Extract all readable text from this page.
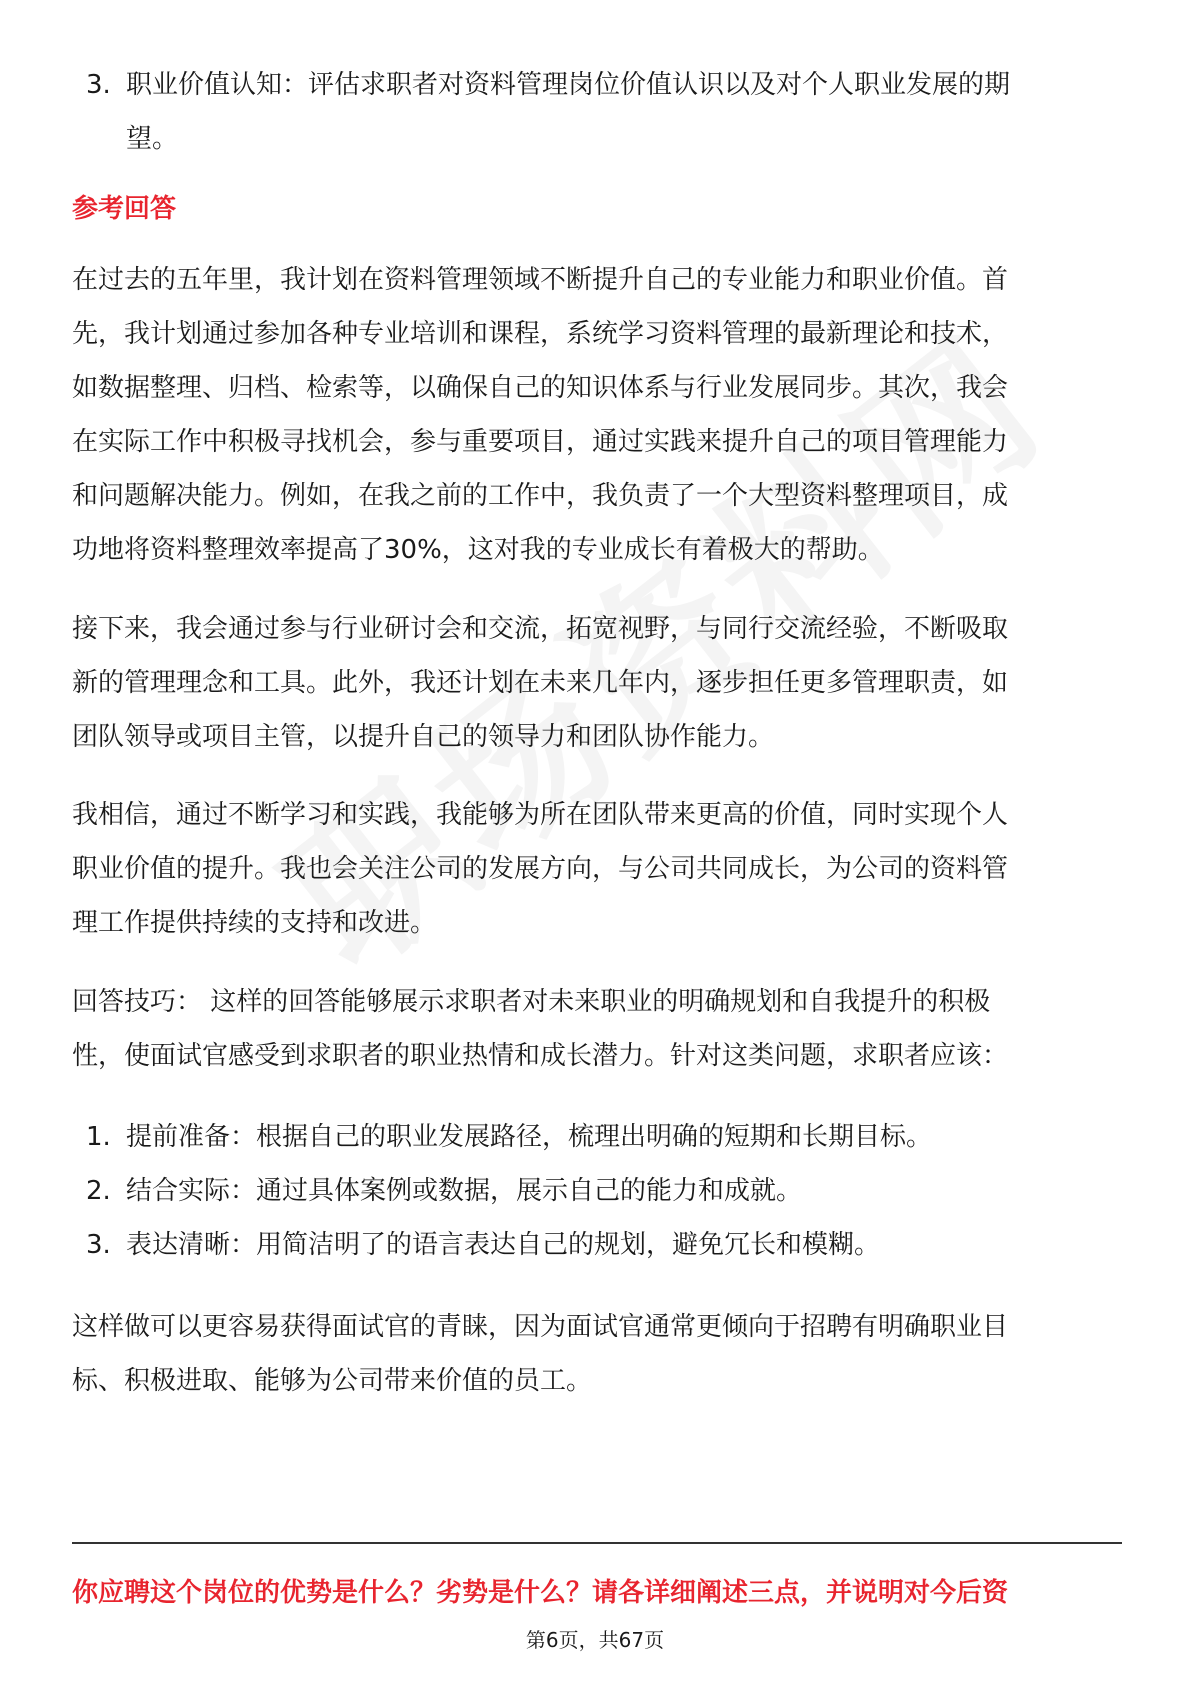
3. 职业价值认知：评估求职者对资料管理岗位价值认识以及对个人职业发展的期
望。

参考回答

在过去的五年里，我计划在资料管理领域不断提升自己的专业能力和职业价值。首

先，我计划通过参加各种专业培训和课程，系统学习资料管理的最新理论和技术，

如数据整理、归档、检索等，以确保自己的知识体系与行业发展同步。其次，我会

在实际工作中积极寻找机会，参与重要项目，通过实践来提升自己的项目管理能力

和问题解决能力。例如，在我之前的工作中，我负责了一个大型资料整理项目，成

功地将资料整理效率提高了30%，这对我的专业成长有着极大的帮助。

接下来，我会通过参与行业研讨会和交流，拓宽视野，与同行交流经验，不断吸取

新的管理理念和工具。此外，我还计划在未来几年内，逐步担任更多管理职责，如

团队领导或项目主管，以提升自己的领导力和团队协作能力。

我相信，通过不断学习和实践，我能够为所在团队带来更高的价值，同时实现个人

职业价值的提升。我也会关注公司的发展方向，与公司共同成长，为公司的资料管

理工作提供持续的支持和改进。

回答技巧： 这样的回答能够展示求职者对未来职业的明确规划和自我提升的积极

性，使面试官感受到求职者的职业热情和成长潜力。针对这类问题，求职者应该：

1. 提前准备：根据自己的职业发展路径，梳理出明确的短期和长期目标。

2. 结合实际：通过具体案例或数据，展示自己的能力和成就。

3. 表达清晰：用简洁明了的语言表达自己的规划，避免冗长和模糊。

这样做可以更容易获得面试官的青睐，因为面试官通常更倾向于招聘有明确职业目

标、积极进取、能够为公司带来价值的员工。

你应聘这个岗位的优势是什么？劣势是什么？请各详细阐述三点，并说明对今后资
第6页，共67页
